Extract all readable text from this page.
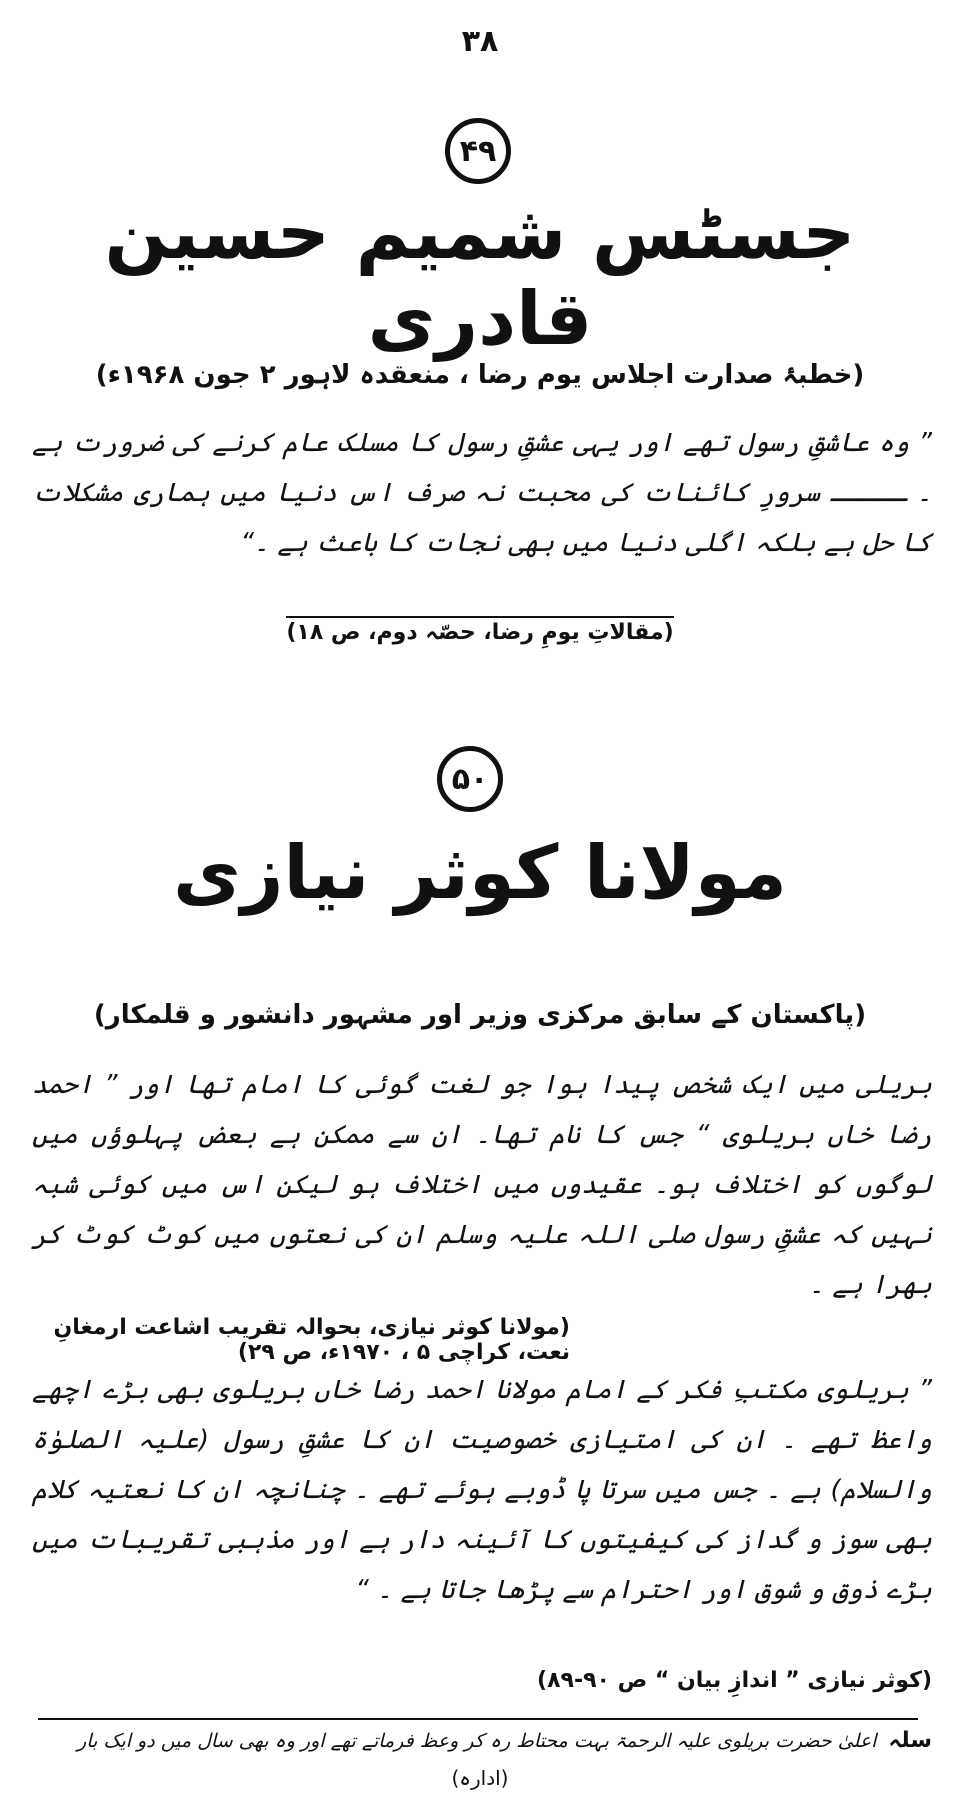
۳۸
۴۹
جسٹس شمیم حسین قادری
(خطبۂ صدارت اجلاس یوم رضا ، منعقدہ لاہور ۲ جون ۱۹۶۸ء)
” وہ عاشقِ رسول تھے اور یہی عشقِ رسول کا مسلک عام کرنے کی ضرورت ہے ۔ ـــــ سرورِ کائنات کی محبت نہ صرف اس دنیا میں ہماری مشکلات کا حل ہے بلکہ اگلی دنیا میں بھی نجات کا باعث ہے ۔“
(مقالاتِ یومِ رضا، حصّہ دوم، ص ۱۸)
۵۰
مولانا کوثر نیازی
(پاکستان کے سابق مرکزی وزیر اور مشہور دانشور و قلمکار)
بریلی میں ایک شخص پیدا ہوا جو لغت گوئی کا امام تھا اور ” احمد رضا خاں بریلوی “ جس کا نام تھا۔ ان سے ممکن ہے بعض پہلوؤں میں لوگوں کو اختلاف ہو۔ عقیدوں میں اختلاف ہو لیکن اس میں کوئی شبہ نہیں کہ عشقِ رسول صلی اللہ علیہ وسلم ان کی نعتوں میں کوٹ کوٹ کر بھرا ہے ۔
(مولانا کوثر نیازی، بحوالہ تقریب اشاعت ارمغانِ نعت، کراچی ۵ ، ۱۹۷۰ء، ص ۲۹)
” بریلوی مکتبِ فکر کے امام مولانا احمد رضا خاں بریلوی بھی بڑے اچھے واعظ تھے ۔ ان کی امتیازی خصوصیت ان کا عشقِ رسول (علیہ الصلوٰۃ والسلام) ہے ۔ جس میں سرتا پا ڈوبے ہوئے تھے ۔ چنانچہ ان کا نعتیہ کلام بھی سوز و گداز کی کیفیتوں کا آئینہ دار ہے اور مذہبی تقریبات میں بڑے ذوق و شوق اور احترام سے پڑھا جاتا ہے ۔ “
(کوثر نیازی ” اندازِ بیان “ ص ۹۰-۸۹)
سلہ اعلیٰ حضرت بریلوی علیہ الرحمۃ بہت محتاط رہ کر وعظ فرماتے تھے اور وہ بھی سال میں دو ایک بار
(ادارہ)
